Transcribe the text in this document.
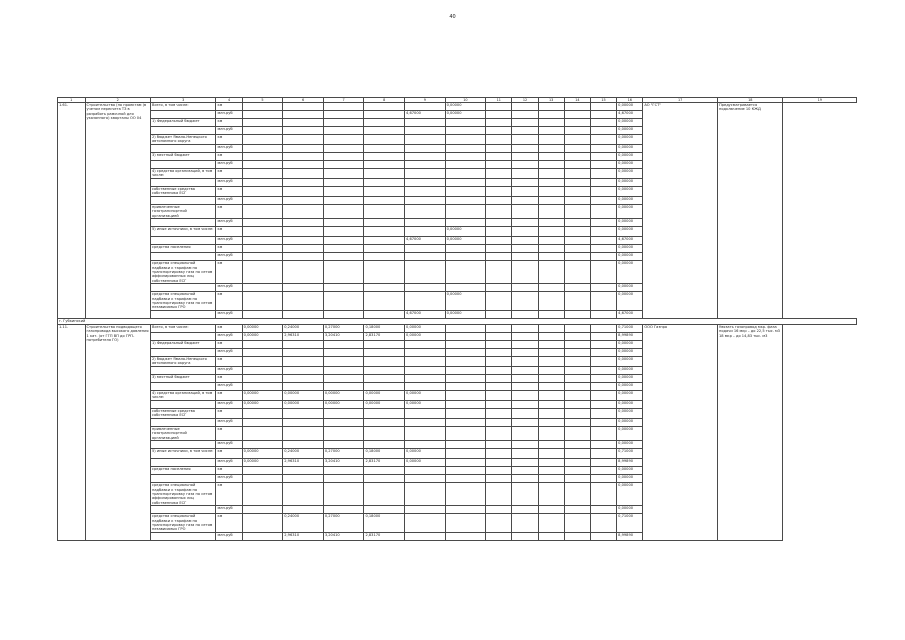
40
1	2	3	4	5	6	7	8	9	10	11	12	13	14	15	16	17	18	19
1.61.	Строительство (по проектам (в учетом пересчета ТЗ в разработь рамочной для указанного) кварталы ОО 04	Всего, в том числе:	км						0,00000						0,00000	АО "ГСТ"	Предусматривается подключение 10 КЖД	
			млн.руб					4,67000	0,00000						4,67000			
		1) Федеральный бюджет	км												0,00000			
			млн.руб												0,00000			
		2) бюджет Ямало-Ненецкого автономного округа	км												0,00000			
			млн.руб												0,00000			
		3) местный бюджет	км												0,00000			
			млн.руб												0,00000			
		4) средства организаций, в том числе:	км												0,00000			
			млн.руб												0,00000			
		собственные средства собственника ЕСГ	км												0,00000			
			млн.руб												0,00000			
		привлеченные газотранспортной организацией	км												0,00000			
			млн.руб												0,00000			
		5) иные источники, в том числе:	км						0,00000						0,00000			
			млн.руб					4,67000	0,00000						4,67000			
		средства населения	км												0,00000			
			млн.руб												0,00000			
		средства специальной надбавки к тарифам на транспортировку газа по сетям аффилированных лиц собственника ЕСГ	км												0,00000			
			млн.руб												0,00000			
		средства специальной надбавки к тарифам на транспортировку газа по сетям независимых ГРО	км						0,00000						0,00000			
			млн.руб					4,67000	0,00000						4,67000			
г. Губкинский																		
1.11.	Строительство подводящего газопровода высокого давления 1 кат. (от ГГП ВП до ГРП-потребителя ГО)	Всего, в том числе:	км	0,00000	0,24000	0,27000	0,18000	0,00000							0,71000	ООО Газпро	Увязать газопровод мкр. фаза подачи 16 мкр – до 22,5 тыс. м3 18 мкр – до 14,83 тыс. м3	
			млн.руб	0,00000	2,96310	3,20410	2,83170	0,00000							8,99890			
		1) Федеральный бюджет	км												0,00000			
			млн.руб												0,00000			
		2) бюджет Ямало-Ненецкого автономного округа	км												0,00000			
			млн.руб												0,00000			
		3) местный бюджет	км												0,00000			
			млн.руб												0,00000			
		4) средства организаций, в том числе:	км	0,00000	0,00000	0,00000	0,00000	0,00000							0,00000			
			млн.руб	0,00000	0,00000	0,00000	0,00000	0,00000							0,00000			
		собственные средства собственника ЕСГ	км												0,00000			
			млн.руб												0,00000			
		привлеченные газотранспортной организацией	км												0,00000			
			млн.руб												0,00000			
		5) иные источники, в том числе:	км	0,00000	0,24000	0,27000	0,18000	0,00000							0,71000			
			млн.руб	0,00000	2,96310	3,20410	2,83170	0,00000							8,99890			
		средства населения	км												0,00000			
			млн.руб												0,00000			
		средства специальной надбавки к тарифам на транспортировку газа по сетям аффилированных лиц собственника ЕСГ	км												0,00000			
			млн.руб												0,00000			
		средства специальной надбавки к тарифам на транспортировку газа по сетям независимых ГРО	км		0,24000	0,27000	0,18000								0,71000			
			млн.руб		2,96310	3,20410	2,83170								8,99890			
